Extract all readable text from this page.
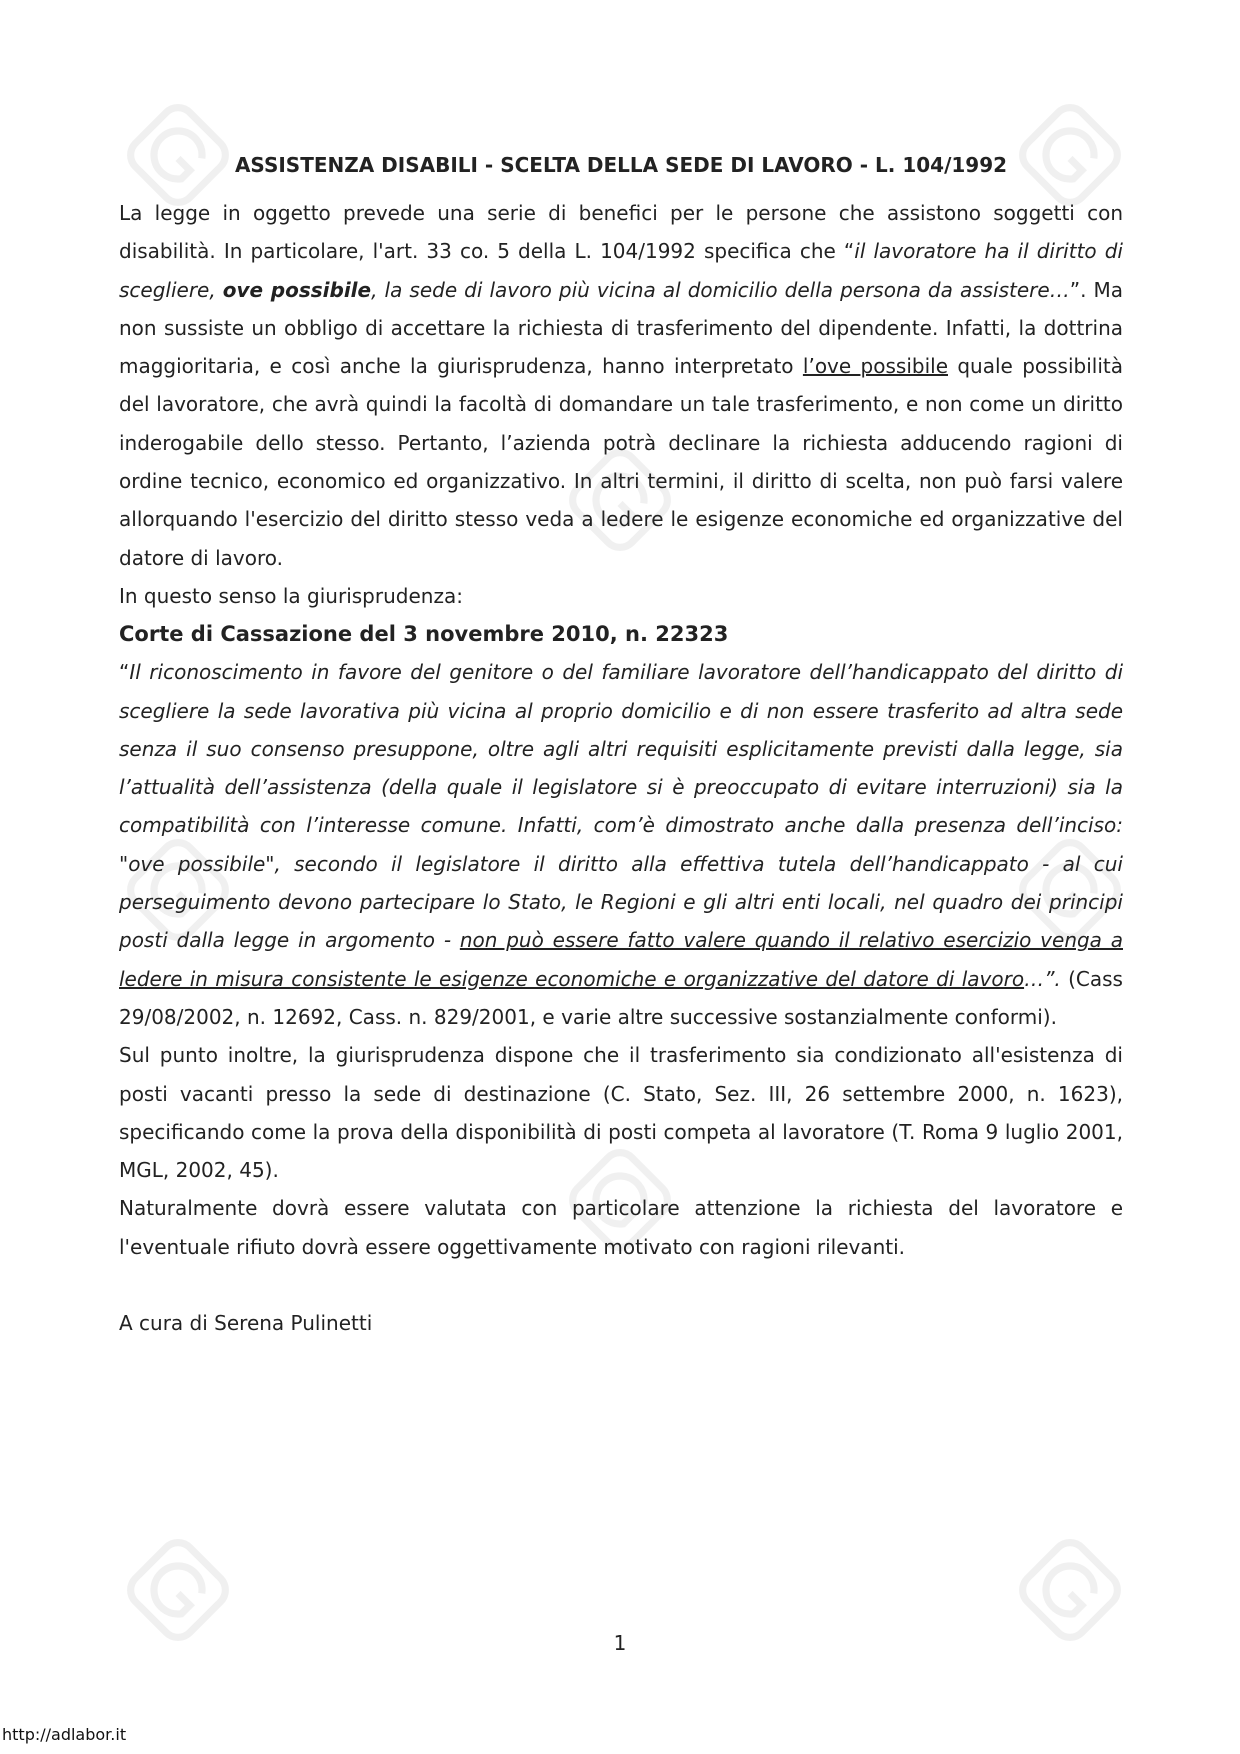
ASSISTENZA DISABILI - SCELTA DELLA SEDE DI LAVORO - L. 104/1992

La legge in oggetto prevede una serie di benefici per le persone che assistono soggetti con disabilità. In particolare, l'art. 33 co. 5 della L. 104/1992 specifica che “il lavoratore ha il diritto di scegliere, ove possibile, la sede di lavoro più vicina al domicilio della persona da assistere…”. Ma non sussiste un obbligo di accettare la richiesta di trasferimento del dipendente. Infatti, la dottrina maggioritaria, e così anche la giurisprudenza, hanno interpretato l’ove possibile quale possibilità del lavoratore, che avrà quindi la facoltà di domandare un tale trasferimento, e non come un diritto inderogabile dello stesso. Pertanto, l’azienda potrà declinare la richiesta adducendo ragioni di ordine tecnico, economico ed organizzativo. In altri termini, il diritto di scelta, non può farsi valere allorquando l'esercizio del diritto stesso veda a ledere le esigenze economiche ed organizzative del datore di lavoro.

In questo senso la giurisprudenza:

Corte di Cassazione del 3 novembre 2010, n. 22323

“Il riconoscimento in favore del genitore o del familiare lavoratore dell’handicappato del diritto di scegliere la sede lavorativa più vicina al proprio domicilio e di non essere trasferito ad altra sede senza il suo consenso presuppone, oltre agli altri requisiti esplicitamente previsti dalla legge, sia l’attualità dell’assistenza (della quale il legislatore si è preoccupato di evitare interruzioni) sia la compatibilità con l’interesse comune. Infatti, com’è dimostrato anche dalla presenza dell’inciso: "ove possibile", secondo il legislatore il diritto alla effettiva tutela dell’handicappato - al cui perseguimento devono partecipare lo Stato, le Regioni e gli altri enti locali, nel quadro dei principi posti dalla legge in argomento - non può essere fatto valere quando il relativo esercizio venga a ledere in misura consistente le esigenze economiche e organizzative del datore di lavoro…”. (Cass 29/08/2002, n. 12692, Cass. n. 829/2001, e varie altre successive sostanzialmente conformi).

Sul punto inoltre, la giurisprudenza dispone che il trasferimento sia condizionato all'esistenza di posti vacanti presso la sede di destinazione (C. Stato, Sez. III, 26 settembre 2000, n. 1623), specificando come la prova della disponibilità di posti competa al lavoratore (T. Roma 9 luglio 2001, MGL, 2002, 45).

Naturalmente dovrà essere valutata con particolare attenzione la richiesta del lavoratore e l'eventuale rifiuto dovrà essere oggettivamente motivato con ragioni rilevanti.

A cura di Serena Pulinetti

1
http://adlabor.it
